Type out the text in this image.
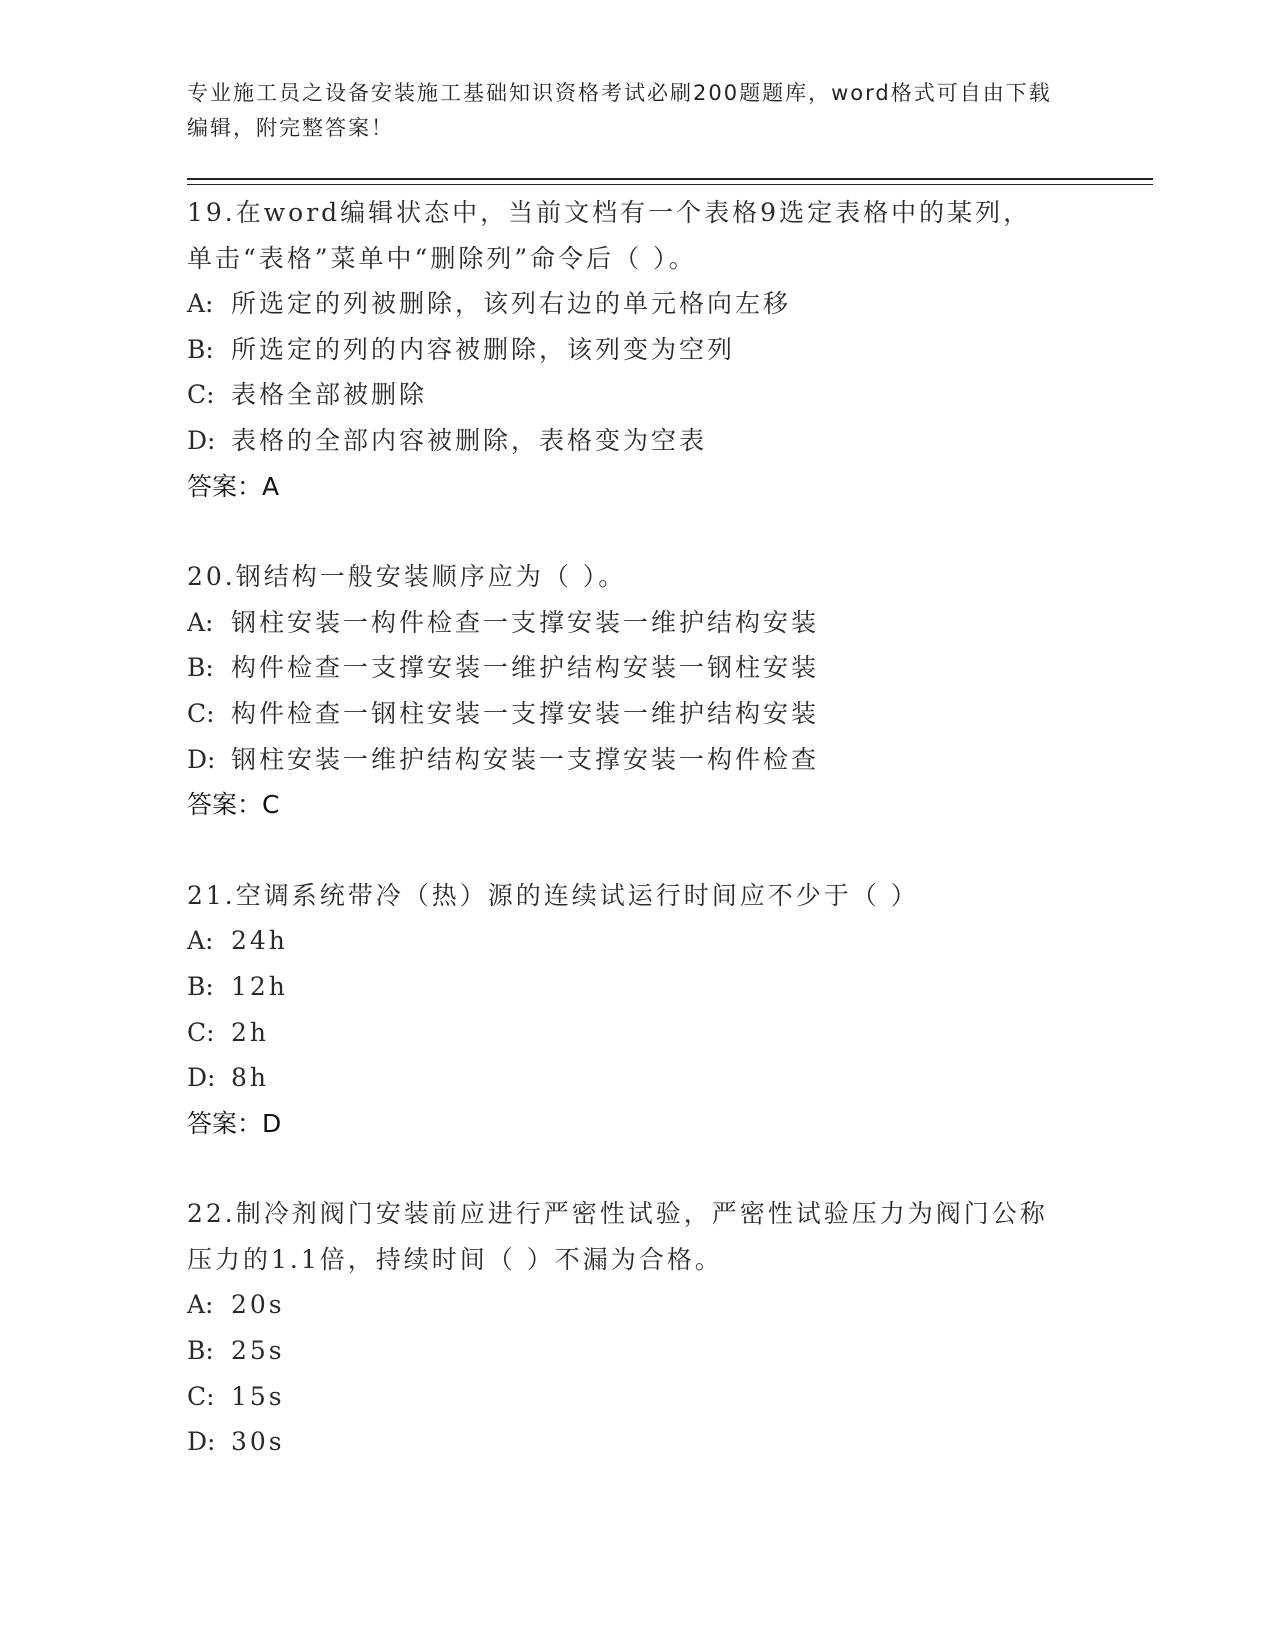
专业施工员之设备安装施工基础知识资格考试必刷200题题库，word格式可自由下载编辑，附完整答案！
19.在word编辑状态中，当前文档有一个表格9选定表格中的某列，
单击“表格”菜单中“删除列”命令后（ ）。
A: 所选定的列被删除，该列右边的单元格向左移
B: 所选定的列的内容被删除，该列变为空列
C: 表格全部被删除
D: 表格的全部内容被删除，表格变为空表
答案：A
20.钢结构一般安装顺序应为（ ）。
A: 钢柱安装一构件检查一支撑安装一维护结构安装
B: 构件检查一支撑安装一维护结构安装一钢柱安装
C: 构件检查一钢柱安装一支撑安装一维护结构安装
D: 钢柱安装一维护结构安装一支撑安装一构件检查
答案：C
21.空调系统带冷（热）源的连续试运行时间应不少于（ ）
A: 24h
B: 12h
C: 2h
D: 8h
答案：D
22.制冷剂阀门安装前应进行严密性试验，严密性试验压力为阀门公称
压力的1.1倍，持续时间（ ）不漏为合格。
A: 20s
B: 25s
C: 15s
D: 30s
